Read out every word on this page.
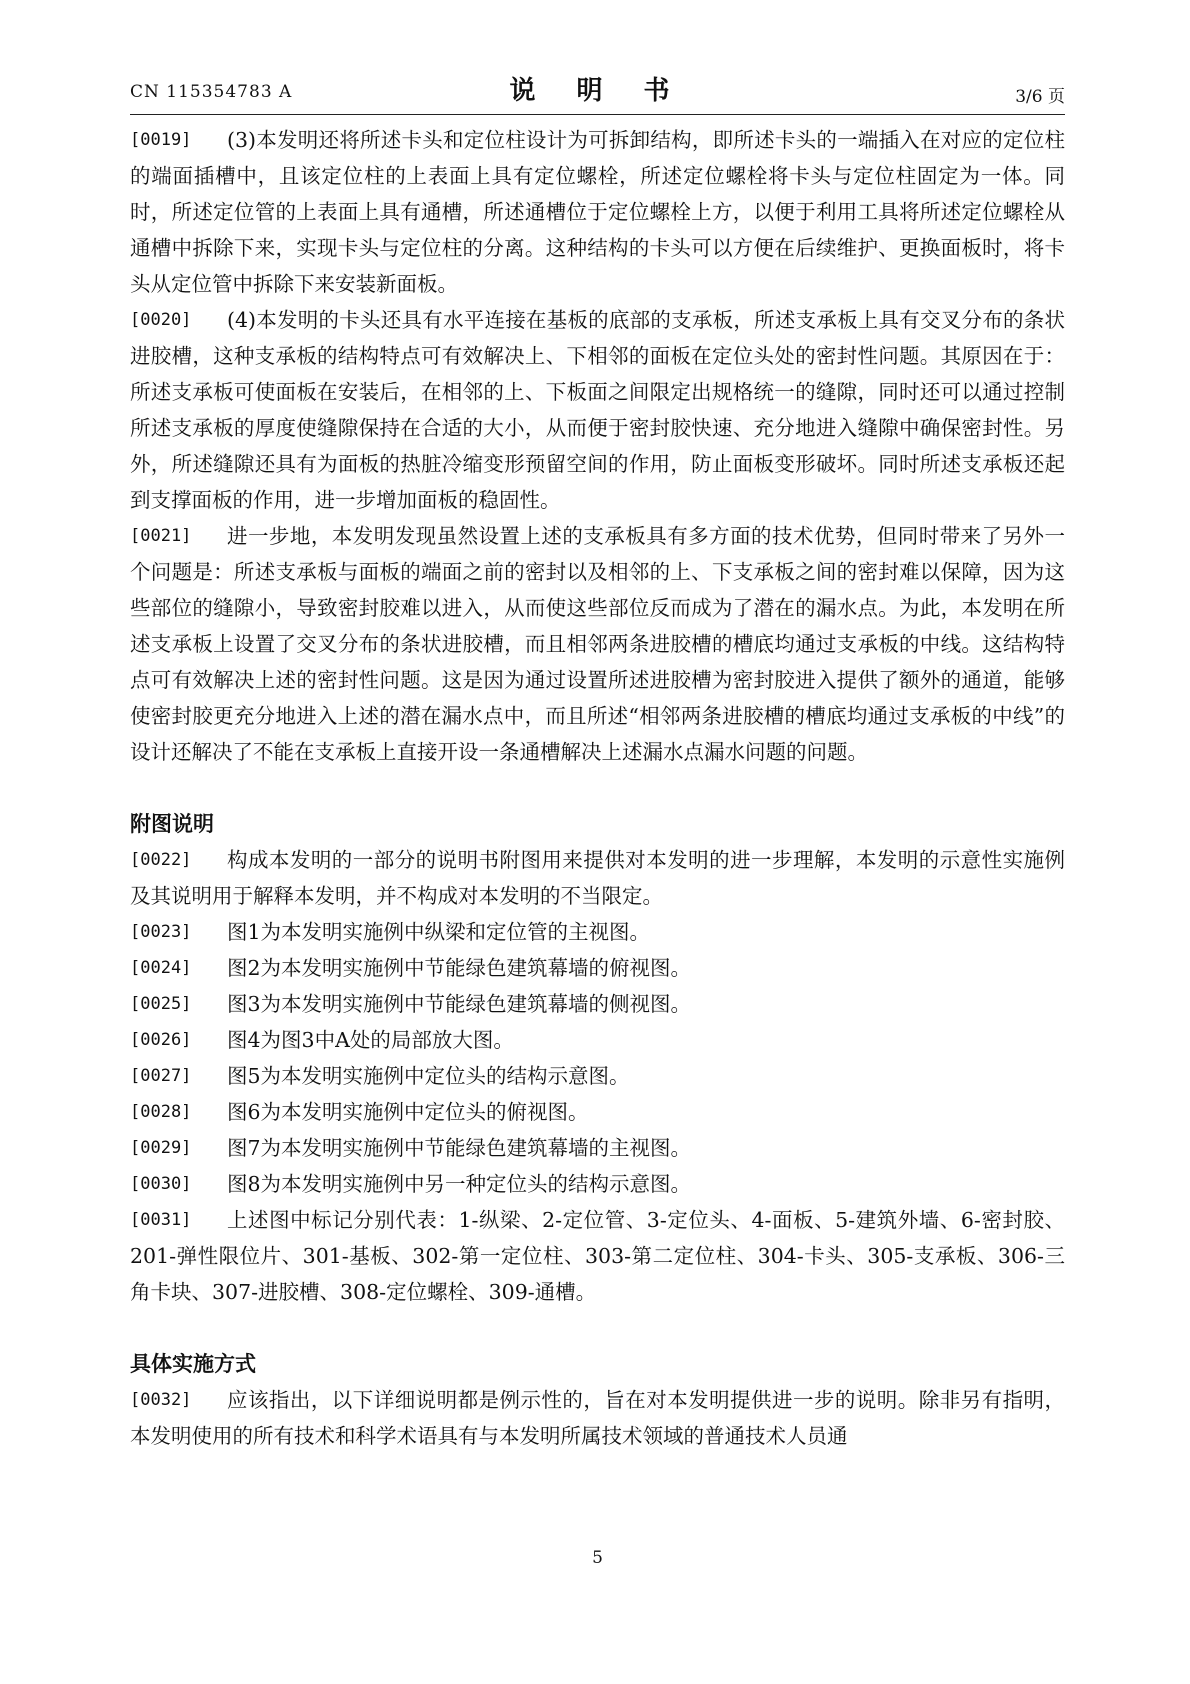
CN 115354783 A	说 明 书	3/6 页
[0019]	(3)本发明还将所述卡头和定位柱设计为可拆卸结构，即所述卡头的一端插入在对应的定位柱的端面插槽中，且该定位柱的上表面上具有定位螺栓，所述定位螺栓将卡头与定位柱固定为一体。同时，所述定位管的上表面上具有通槽，所述通槽位于定位螺栓上方，以便于利用工具将所述定位螺栓从通槽中拆除下来，实现卡头与定位柱的分离。这种结构的卡头可以方便在后续维护、更换面板时，将卡头从定位管中拆除下来安装新面板。
[0020]	(4)本发明的卡头还具有水平连接在基板的底部的支承板，所述支承板上具有交叉分布的条状进胶槽，这种支承板的结构特点可有效解决上、下相邻的面板在定位头处的密封性问题。其原因在于：所述支承板可使面板在安装后，在相邻的上、下板面之间限定出规格统一的缝隙，同时还可以通过控制所述支承板的厚度使缝隙保持在合适的大小，从而便于密封胶快速、充分地进入缝隙中确保密封性。另外，所述缝隙还具有为面板的热脏冷缩变形预留空间的作用，防止面板变形破坏。同时所述支承板还起到支撑面板的作用，进一步增加面板的稳固性。
[0021]	进一步地，本发明发现虽然设置上述的支承板具有多方面的技术优势，但同时带来了另外一个问题是：所述支承板与面板的端面之前的密封以及相邻的上、下支承板之间的密封难以保障，因为这些部位的缝隙小，导致密封胶难以进入，从而使这些部位反而成为了潜在的漏水点。为此，本发明在所述支承板上设置了交叉分布的条状进胶槽，而且相邻两条进胶槽的槽底均通过支承板的中线。这结构特点可有效解决上述的密封性问题。这是因为通过设置所述进胶槽为密封胶进入提供了额外的通道，能够使密封胶更充分地进入上述的潜在漏水点中，而且所述“相邻两条进胶槽的槽底均通过支承板的中线”的设计还解决了不能在支承板上直接开设一条通槽解决上述漏水点漏水问题的问题。
附图说明
[0022]	构成本发明的一部分的说明书附图用来提供对本发明的进一步理解，本发明的示意性实施例及其说明用于解释本发明，并不构成对本发明的不当限定。
[0023]	图1为本发明实施例中纵梁和定位管的主视图。
[0024]	图2为本发明实施例中节能绿色建筑幕墙的俯视图。
[0025]	图3为本发明实施例中节能绿色建筑幕墙的侧视图。
[0026]	图4为图3中A处的局部放大图。
[0027]	图5为本发明实施例中定位头的结构示意图。
[0028]	图6为本发明实施例中定位头的俯视图。
[0029]	图7为本发明实施例中节能绿色建筑幕墙的主视图。
[0030]	图8为本发明实施例中另一种定位头的结构示意图。
[0031]	上述图中标记分别代表：1-纵梁、2-定位管、3-定位头、4-面板、5-建筑外墙、6-密封胶、201-弹性限位片、301-基板、302-第一定位柱、303-第二定位柱、304-卡头、305-支承板、306-三角卡块、307-进胶槽、308-定位螺栓、309-通槽。
具体实施方式
[0032]	应该指出，以下详细说明都是例示性的，旨在对本发明提供进一步的说明。除非另有指明，本发明使用的所有技术和科学术语具有与本发明所属技术领域的普通技术人员通
5
